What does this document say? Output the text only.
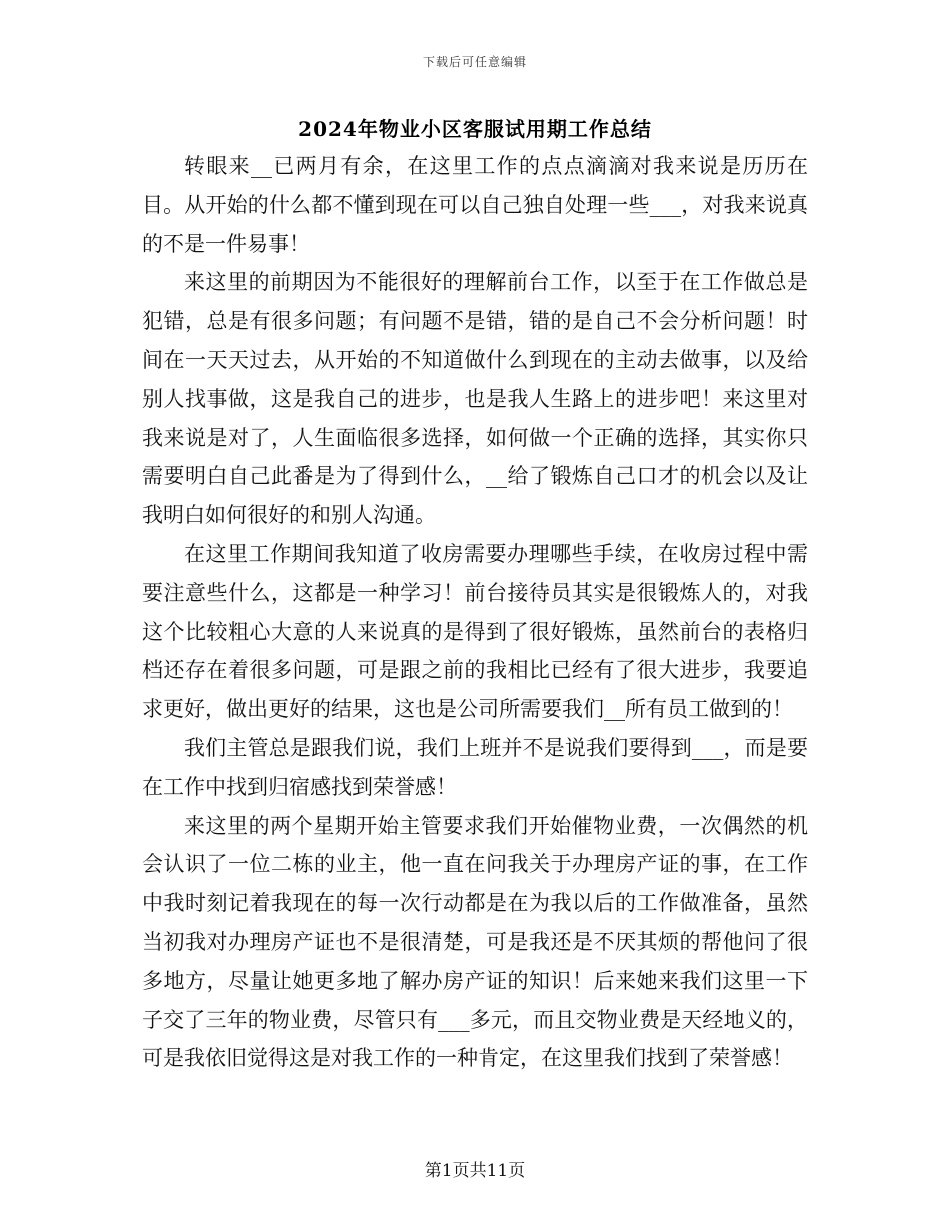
下载后可任意编辑
2024年物业小区客服试用期工作总结

转眼来__已两月有余，在这里工作的点点滴滴对我来说是历历在目。从开始的什么都不懂到现在可以自己独自处理一些___，对我来说真的不是一件易事！

来这里的前期因为不能很好的理解前台工作，以至于在工作做总是犯错，总是有很多问题；有问题不是错，错的是自己不会分析问题！时间在一天天过去，从开始的不知道做什么到现在的主动去做事，以及给别人找事做，这是我自己的进步，也是我人生路上的进步吧！来这里对我来说是对了，人生面临很多选择，如何做一个正确的选择，其实你只需要明白自己此番是为了得到什么，__给了锻炼自己口才的机会以及让我明白如何很好的和别人沟通。

在这里工作期间我知道了收房需要办理哪些手续，在收房过程中需要注意些什么，这都是一种学习！前台接待员其实是很锻炼人的，对我这个比较粗心大意的人来说真的是得到了很好锻炼，虽然前台的表格归档还存在着很多问题，可是跟之前的我相比已经有了很大进步，我要追求更好，做出更好的结果，这也是公司所需要我们__所有员工做到的！

我们主管总是跟我们说，我们上班并不是说我们要得到___，而是要在工作中找到归宿感找到荣誉感！

来这里的两个星期开始主管要求我们开始催物业费，一次偶然的机会认识了一位二栋的业主，他一直在问我关于办理房产证的事，在工作中我时刻记着我现在的每一次行动都是在为我以后的工作做准备，虽然当初我对办理房产证也不是很清楚，可是我还是不厌其烦的帮他问了很多地方，尽量让她更多地了解办房产证的知识！后来她来我们这里一下子交了三年的物业费，尽管只有___多元，而且交物业费是天经地义的，可是我依旧觉得这是对我工作的一种肯定，在这里我们找到了荣誉感！

第1页共11页
